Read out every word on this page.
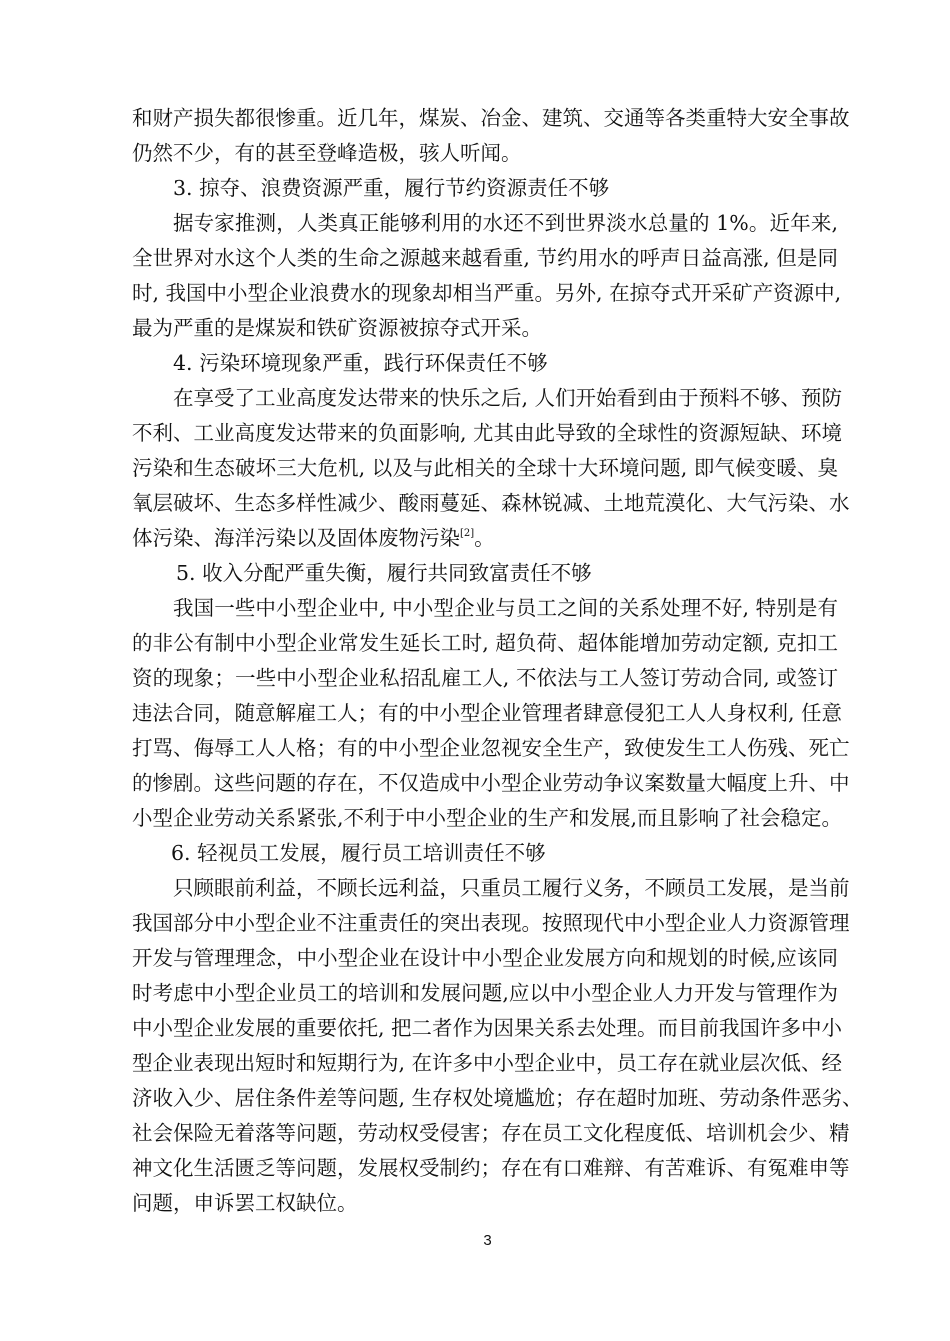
和财产损失都很惨重。近几年，煤炭、冶金、建筑、交通等各类重特大安全事故
仍然不少，有的甚至登峰造极，骇人听闻。
3. 掠夺、浪费资源严重，履行节约资源责任不够
据专家推测，人类真正能够利用的水还不到世界淡水总量的 1%。近年来,
全世界对水这个人类的生命之源越来越看重, 节约用水的呼声日益高涨, 但是同
时, 我国中小型企业浪费水的现象却相当严重。另外, 在掠夺式开采矿产资源中,
最为严重的是煤炭和铁矿资源被掠夺式开采。
4. 污染环境现象严重，践行环保责任不够
在享受了工业高度发达带来的快乐之后, 人们开始看到由于预料不够、预防
不利、工业高度发达带来的负面影响, 尤其由此导致的全球性的资源短缺、环境
污染和生态破坏三大危机, 以及与此相关的全球十大环境问题, 即气候变暖、臭
氧层破坏、生态多样性减少、酸雨蔓延、森林锐减、土地荒漠化、大气污染、水
体污染、海洋污染以及固体废物污染[2]。
5. 收入分配严重失衡，履行共同致富责任不够
我国一些中小型企业中, 中小型企业与员工之间的关系处理不好, 特别是有
的非公有制中小型企业常发生延长工时, 超负荷、超体能增加劳动定额, 克扣工
资的现象；一些中小型企业私招乱雇工人, 不依法与工人签订劳动合同, 或签订
违法合同，随意解雇工人；有的中小型企业管理者肆意侵犯工人人身权利, 任意
打骂、侮辱工人人格；有的中小型企业忽视安全生产，致使发生工人伤残、死亡
的惨剧。这些问题的存在，不仅造成中小型企业劳动争议案数量大幅度上升、中
小型企业劳动关系紧张,不利于中小型企业的生产和发展,而且影响了社会稳定。
6. 轻视员工发展，履行员工培训责任不够
只顾眼前利益，不顾长远利益，只重员工履行义务，不顾员工发展，是当前
我国部分中小型企业不注重责任的突出表现。按照现代中小型企业人力资源管理
开发与管理理念，中小型企业在设计中小型企业发展方向和规划的时候,应该同
时考虑中小型企业员工的培训和发展问题,应以中小型企业人力开发与管理作为
中小型企业发展的重要依托, 把二者作为因果关系去处理。而目前我国许多中小
型企业表现出短时和短期行为, 在许多中小型企业中，员工存在就业层次低、经
济收入少、居住条件差等问题, 生存权处境尴尬；存在超时加班、劳动条件恶劣、
社会保险无着落等问题，劳动权受侵害；存在员工文化程度低、培训机会少、精
神文化生活匮乏等问题，发展权受制约；存在有口难辩、有苦难诉、有冤难申等
3
问题，申诉罢工权缺位。
